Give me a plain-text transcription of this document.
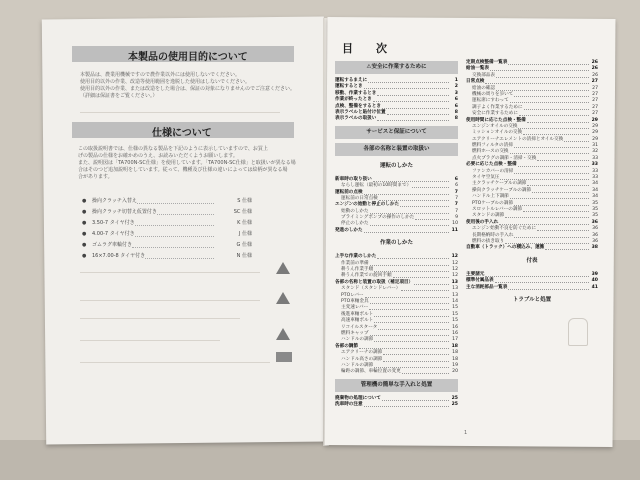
本製品の使用目的について
本製品は、農業用機械ですので農作業以外には使用しないでください。
使用目的以外の作業、改造等使用範囲を逸脱した使用はしないでください。
使用目的以外の作業、または改造をした場合は、保証の対象になりませんのでご注意ください。
（詳細は保証書をご覧ください。）
仕様について
この取扱説明書では、仕様の異なる製品を下記のように表示していますので、お買上
げの製品の仕様をお確かめのうえ、お読みいただくようお願いします。
また、説明図は「TA700N-SC仕様」を使用しています。「TA700N-SC仕様」と取扱いが異なる場
合はそのつど追加説明をしています。従って、機種及び仕様の違いによっては絵柄が異なる場
合があります。
●	操向クラッチ入替え	S 仕様
●	操向クラッチ切替え仮置付き	SC 仕様
●	3.50-7 タイヤ付き	K 仕様
●	4.00-7 タイヤ付き	J 仕様
●	ゴムラグ車輪付き	G 仕様
●	16×7.00-8 タイヤ付き	N 仕様
目　次
⚠安全に作業するために
運転するまえに	1
運転するとき	2
移動、作業するとき	3
作業が終ったとき	6
点検、整備をするとき	6
表示ラベルと貼付け位置	8
表示ラベルの取扱い	8
サービスと保証について
各部の名称と装置の取扱い
運転のしかた
新車時の取り扱い	6
ならし運転（最初の10時間まで）	6
運転前の点検	7
運転前の日常点検	7
エンジンの始動と停止のしかた	7
始動のしかた	7
プライミングポンプの操作のしかた	9
停止のしかた	10
発進のしかた	11
作業のしかた
上手な作業のしかた	12
作業前の準備	12
耕うん作業手順	12
耕うん作業での旋回手順	12
各部の名称と装置の取扱（補足項目）	13
スタンド（スタンドレバー）	13
PTOレバー	13
PTO車軸金具	14
主変速レバー	15
後進車軸ボルト	15
高速車軸ボルト	15
リコイルスタータ	16
燃料キャップ	16
ハンドルの調節	17
各部の調節	18
エアクリーナの調節	18
ハンドル高さの調節	18
ハンドルの調節	19
輪距の調節、車輪位置の変更	20
管理機の簡単な手入れと処置
廃棄物の処理について	25
洗車時の注意	25
定期点検整備一覧表	26
給油一覧表	26
交換部品表	26
日常点検	27
給油の確認	27
機械の周りを歩いて	27
運転席にすわって	27
調子よく作業するために	27
安全に作業するために	27
使用時間に応じた点検・整備	29
エンジンオイルの交換	29
ミッションオイルの交換	29
エアクリーナエレメントの清掃とオイル交換	29
燃料フィルタの清掃	31
燃料ホースの交換	32
点火プラグの調節・清掃・交換	33
必要に応じた点検・整備	33
ファンカバーの清掃	33
タイヤ空気圧	33
主クラッチケーブルの調節	34
操向クラッチケーブルの調節	34
ハンドル上下調節	34
PTOケーブルの調節	35
スロットルレバーの調節	35
スタンドの調節	35
使用後の手入れ	36
エンジン始動不良を防ぐために	36
長期格納時の手入れ	36
燃料の抜き取り	36
自動車（トラック）への積込み、運搬	38
付表
主要諸元	39
標準付属品表	40
主な消耗部品一覧表	41
トラブルと処置
1
